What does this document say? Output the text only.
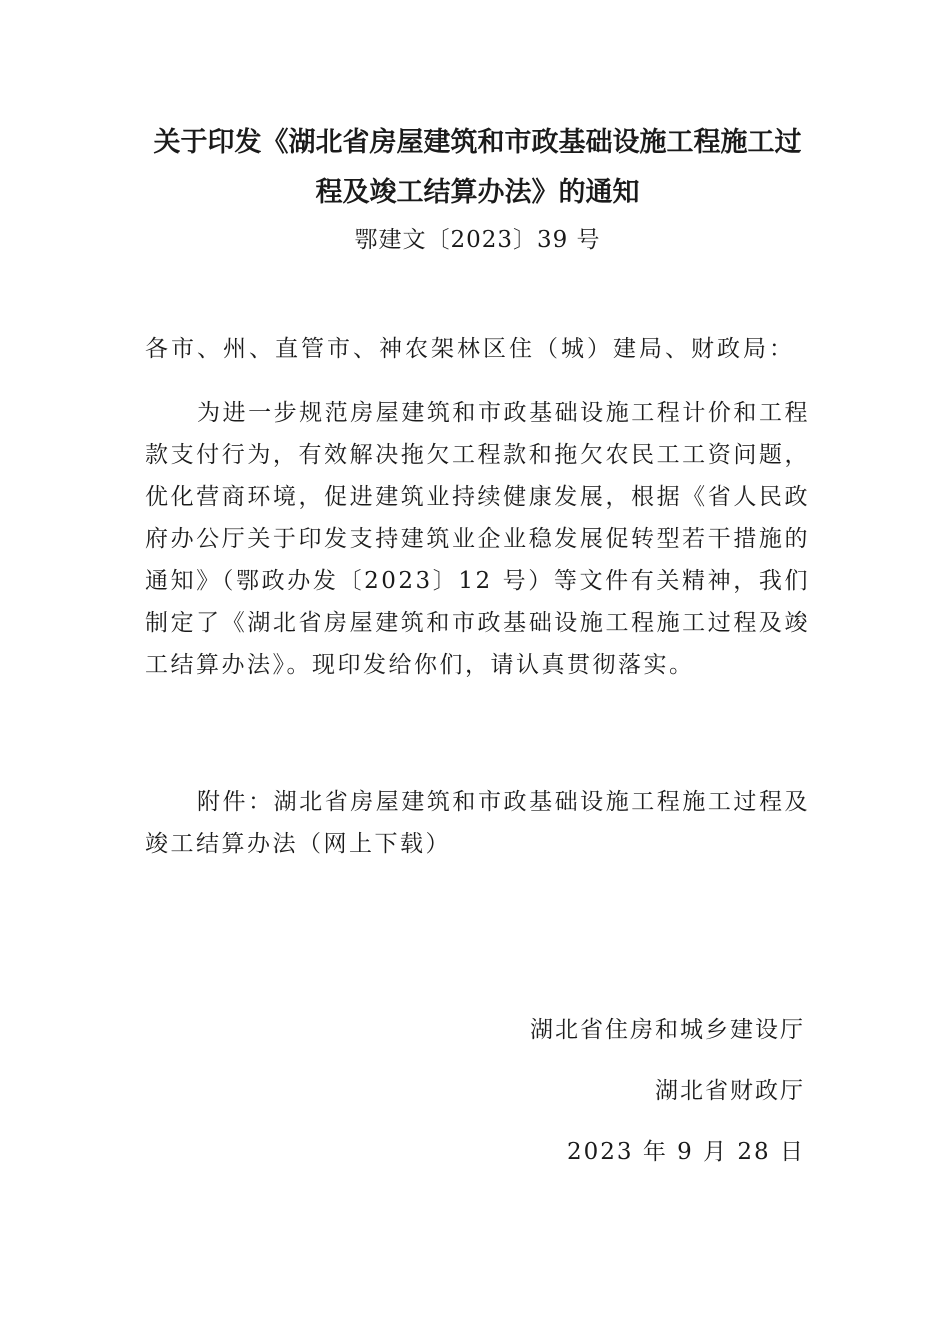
关于印发《湖北省房屋建筑和市政基础设施工程施工过程及竣工结算办法》的通知

鄂建文〔2023〕39 号

各市、州、直管市、神农架林区住（城）建局、财政局：

为进一步规范房屋建筑和市政基础设施工程计价和工程款支付行为，有效解决拖欠工程款和拖欠农民工工资问题，优化营商环境，促进建筑业持续健康发展，根据《省人民政府办公厅关于印发支持建筑业企业稳发展促转型若干措施的通知》（鄂政办发〔2023〕12 号）等文件有关精神，我们制定了《湖北省房屋建筑和市政基础设施工程施工过程及竣工结算办法》。现印发给你们，请认真贯彻落实。

附件：湖北省房屋建筑和市政基础设施工程施工过程及竣工结算办法（网上下载）

湖北省住房和城乡建设厅

湖北省财政厅

2023 年 9 月 28 日
